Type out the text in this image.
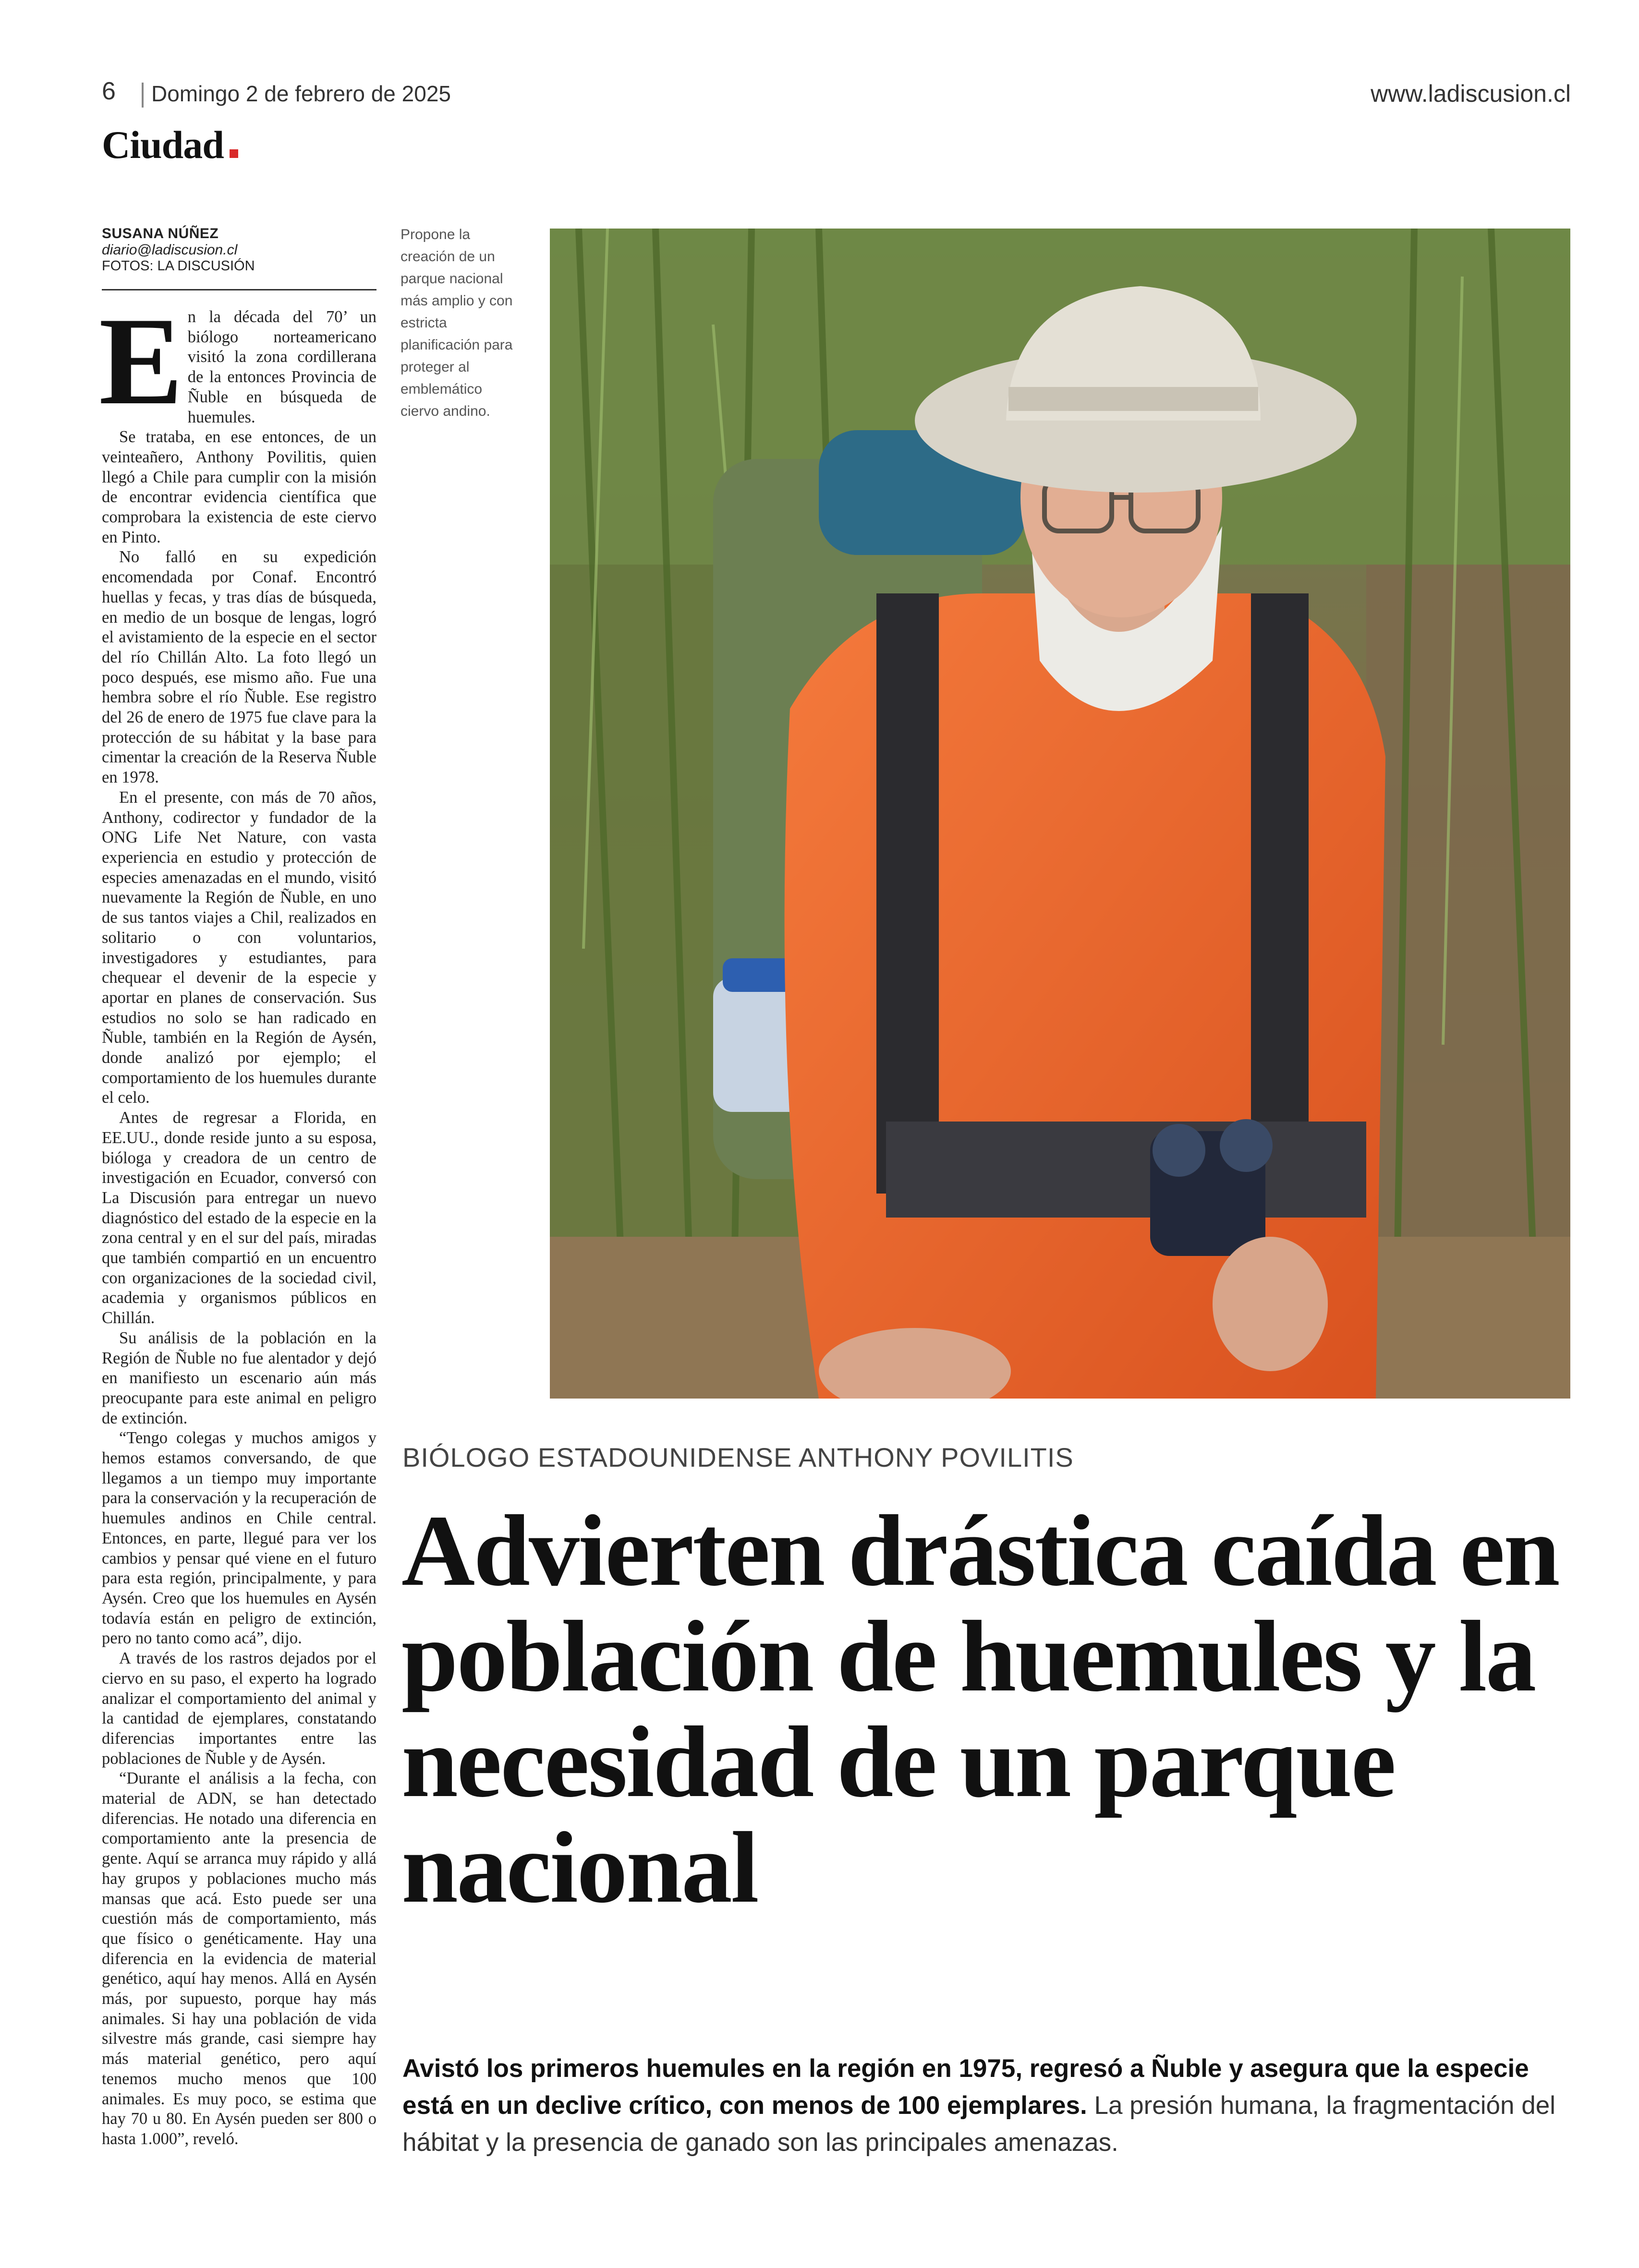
6 Domingo 2 de febrero de 2025	www.ladiscusion.cl
Ciudad
SUSANA NÚÑEZ
diario@ladiscusion.cl
FOTOS: LA DISCUSIÓN
E n la década del 70’ un biólogo norteamericano visitó la zona cordillerana de la entonces Provincia de Ñuble en búsqueda de huemules.

Se trataba, en ese entonces, de un veinteañero, Anthony Povilitis, quien llegó a Chile para cumplir con la misión de encontrar evidencia científica que comprobara la existencia de este ciervo en Pinto.

No falló en su expedición encomendada por Conaf. Encontró huellas y fecas, y tras días de búsqueda, en medio de un bosque de lengas, logró el avistamiento de la especie en el sector del río Chillán Alto. La foto llegó un poco después, ese mismo año. Fue una hembra sobre el río Ñuble. Ese registro del 26 de enero de 1975 fue clave para la protección de su hábitat y la base para cimentar la creación de la Reserva Ñuble en 1978.

En el presente, con más de 70 años, Anthony, codirector y fundador de la ONG Life Net Nature, con vasta experiencia en estudio y protección de especies amenazadas en el mundo, visitó nuevamente la Región de Ñuble, en uno de sus tantos viajes a Chil, realizados en solitario o con voluntarios, investigadores y estudiantes, para chequear el devenir de la especie y aportar en planes de conservación. Sus estudios no solo se han radicado en Ñuble, también en la Región de Aysén, donde analizó por ejemplo; el comportamiento de los huemules durante el celo.

Antes de regresar a Florida, en EE.UU., donde reside junto a su esposa, bióloga y creadora de un centro de investigación en Ecuador, conversó con La Discusión para entregar un nuevo diagnóstico del estado de la especie en la zona central y en el sur del país, miradas que también compartió en un encuentro con organizaciones de la sociedad civil, academia y organismos públicos en Chillán.

Su análisis de la población en la Región de Ñuble no fue alentador y dejó en manifiesto un escenario aún más preocupante para este animal en peligro de extinción.

“Tengo colegas y muchos amigos y hemos estamos conversando, de que llegamos a un tiempo muy importante para la conservación y la recuperación de huemules andinos en Chile central. Entonces, en parte, llegué para ver los cambios y pensar qué viene en el futuro para esta región, principalmente, y para Aysén. Creo que los huemules en Aysén todavía están en peligro de extinción, pero no tanto como acá”, dijo.

A través de los rastros dejados por el ciervo en su paso, el experto ha logrado analizar el comportamiento del animal y la cantidad de ejemplares, constatando diferencias importantes entre las poblaciones de Ñuble y de Aysén.

“Durante el análisis a la fecha, con material de ADN, se han detectado diferencias. He notado una diferencia en comportamiento ante la presencia de gente. Aquí se arranca muy rápido y allá hay grupos y poblaciones mucho más mansas que acá. Esto puede ser una cuestión más de comportamiento, más que físico o genéticamente. Hay una diferencia en la evidencia de material genético, aquí hay menos. Allá en Aysén más, por supuesto, porque hay más animales. Si hay una población de vida silvestre más grande, casi siempre hay más material genético, pero aquí tenemos mucho menos que 100 animales. Es muy poco, se estima que hay 70 u 80. En Aysén pueden ser 800 o hasta 1.000”, reveló.

Propone la creación de un parque nacional más amplio y con estricta planificación para proteger al emblemático ciervo andino.
BIÓLOGO ESTADOUNIDENSE ANTHONY POVILITIS
Advierten drástica caída en población de huemules y la necesidad de un parque nacional
Avistó los primeros huemules en la región en 1975, regresó a Ñuble y asegura que la especie está en un declive crítico, con menos de 100 ejemplares. La presión humana, la fragmentación del hábitat y la presencia de ganado son las principales amenazas.
